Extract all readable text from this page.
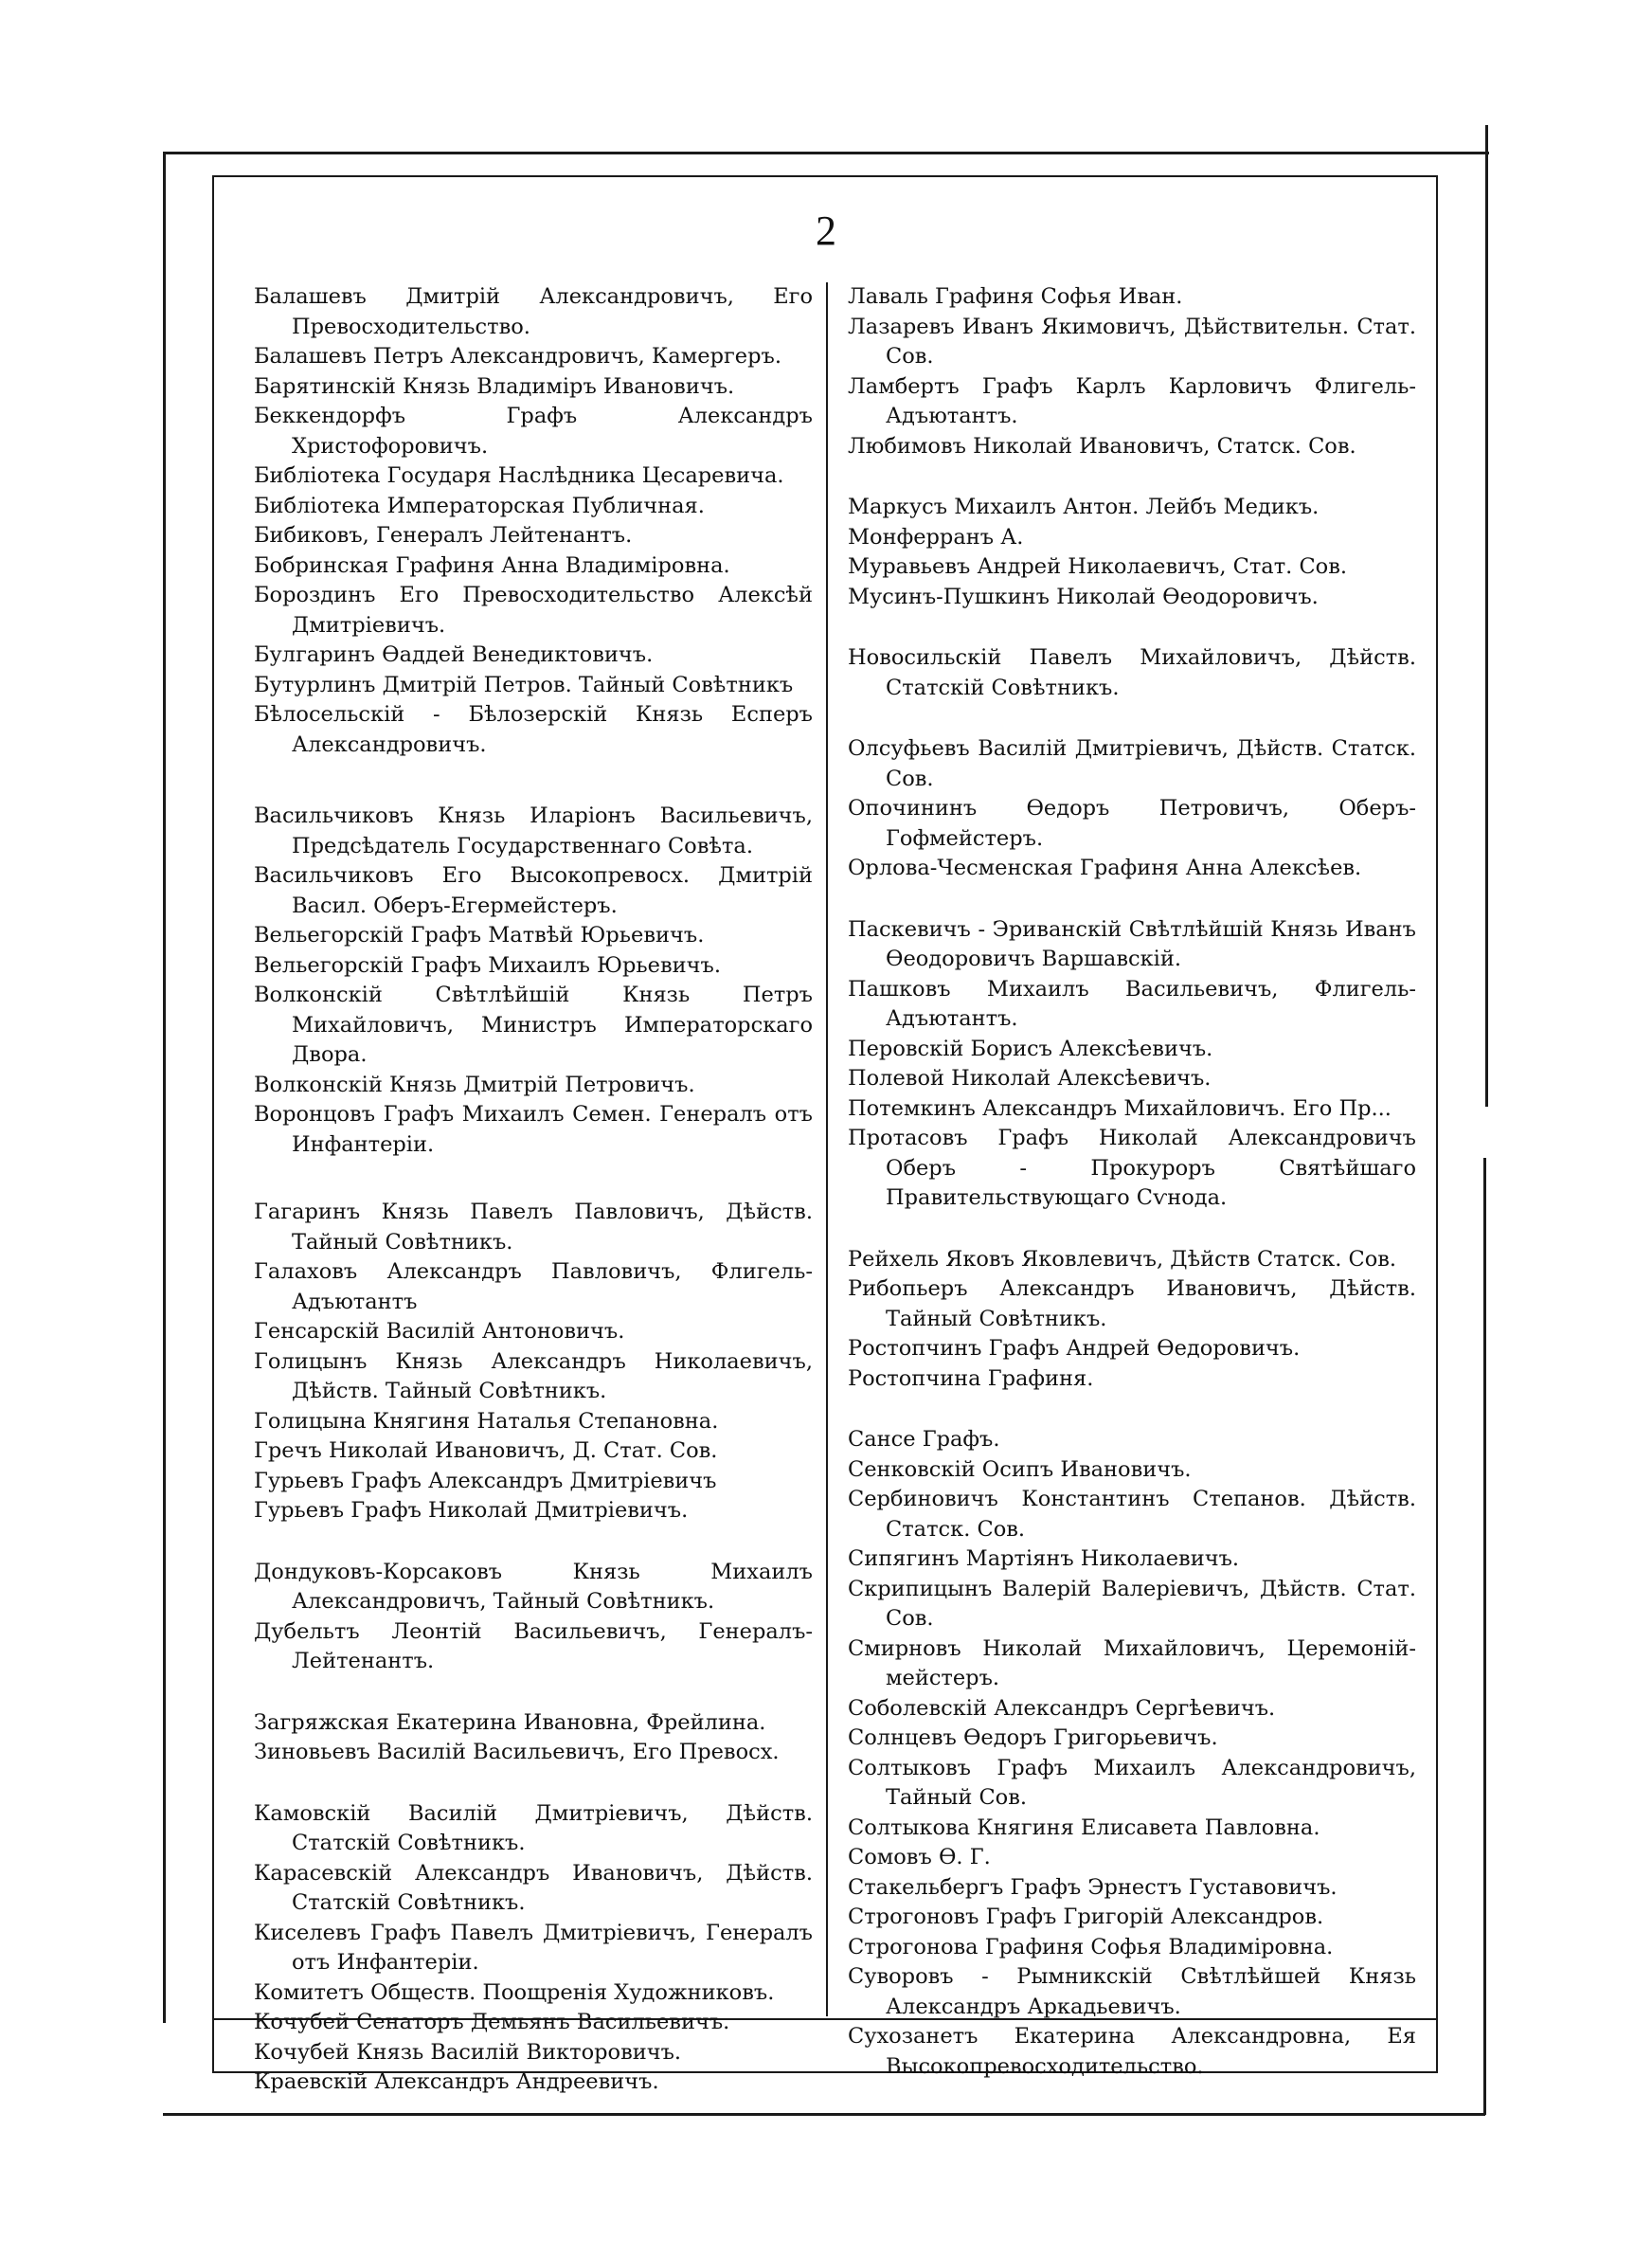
2
Балашевъ Дмитрій Александровичъ, Его Превосходительство.
Балашевъ Петръ Александровичъ, Камергеръ.
Барятинскій Князь Владиміръ Ивановичъ.
Беккендорфъ Графъ Александръ Христофоровичъ.
Библіотека Государя Наслѣдника Цесаревича.
Библіотека Императорская Публичная.
Бибиковъ, Генералъ Лейтенантъ.
Бобринская Графиня Анна Владиміровна.
Бороздинъ Его Превосходительство Алексѣй Дмитріевичъ.
Булгаринъ Ѳаддей Венедиктовичъ.
Бутурлинъ Дмитрій Петров. Тайный Совѣтникъ
Бѣлосельскій - Бѣлозерскій Князь Есперъ Александровичъ.
Васильчиковъ Князь Иларіонъ Васильевичъ, Предсѣдатель Государственнаго Совѣта.
Васильчиковъ Его Высокопревосх. Дмитрій Васил. Оберъ-Егермейстеръ.
Вельегорскій Графъ Матвѣй Юрьевичъ.
Вельегорскій Графъ Михаилъ Юрьевичъ.
Волконскій Свѣтлѣйшій Князь Петръ Михайловичъ, Министръ Императорскаго Двора.
Волконскій Князь Дмитрій Петровичъ.
Воронцовъ Графъ Михаилъ Семен. Генералъ отъ Инфантеріи.
Гагаринъ Князь Павелъ Павловичъ, Дѣйств. Тайный Совѣтникъ.
Галаховъ Александръ Павловичъ, Флигель-Адъютантъ
Генсарскій Василій Антоновичъ.
Голицынъ Князь Александръ Николаевичъ, Дѣйств. Тайный Совѣтникъ.
Голицына Княгиня Наталья Степановна.
Гречъ Николай Ивановичъ, Д. Стат. Сов.
Гурьевъ Графъ Александръ Дмитріевичъ
Гурьевъ Графъ Николай Дмитріевичъ.
Дондуковъ-Корсаковъ Князь Михаилъ Александровичъ, Тайный Совѣтникъ.
Дубельтъ Леонтій Васильевичъ, Генералъ-Лейтенантъ.
Загряжская Екатерина Ивановна, Фрейлина.
Зиновьевъ Василій Васильевичъ, Его Превосх.
Камовскій Василій Дмитріевичъ, Дѣйств. Статскій Совѣтникъ.
Карасевскій Александръ Ивановичъ, Дѣйств. Статскій Совѣтникъ.
Киселевъ Графъ Павелъ Дмитріевичъ, Генералъ отъ Инфантеріи.
Комитетъ Обществ. Поощренія Художниковъ.
Кочубей Сенаторъ Демьянъ Васильевичъ.
Кочубей Князь Василій Викторовичъ.
Краевскій Александръ Андреевичъ.
Лаваль Графиня Софья Иван.
Лазаревъ Иванъ Якимовичъ, Дѣйствительн. Стат. Сов.
Ламбертъ Графъ Карлъ Карловичъ Флигель-Адъютантъ.
Любимовъ Николай Ивановичъ, Статск. Сов.
Маркусъ Михаилъ Антон. Лейбъ Медикъ.
Монферранъ А.
Муравьевъ Андрей Николаевичъ, Стат. Сов.
Мусинъ-Пушкинъ Николай Ѳеодоровичъ.
Новосильскій Павелъ Михайловичъ, Дѣйств. Статскій Совѣтникъ.
Олсуфьевъ Василій Дмитріевичъ, Дѣйств. Статск. Сов.
Опочининъ Ѳедоръ Петровичъ, Оберъ-Гофмейстеръ.
Орлова-Чесменская Графиня Анна Алексѣев.
Паскевичъ - Эриванскій Свѣтлѣйшій Князь Иванъ Ѳеодоровичъ Варшавскій.
Пашковъ Михаилъ Васильевичъ, Флигель-Адъютантъ.
Перовскій Борисъ Алексѣевичъ.
Полевой Николай Алексѣевичъ.
Потемкинъ Александръ Михайловичъ. Его Пр...
Протасовъ Графъ Николай Александровичъ Оберъ - Прокуроръ Святѣйшаго Правительствующаго Сѵнода.
Рейхель Яковъ Яковлевичъ, Дѣйств Статск. Сов.
Рибопьеръ Александръ Ивановичъ, Дѣйств. Тайный Совѣтникъ.
Ростопчинъ Графъ Андрей Ѳедоровичъ.
Ростопчина Графиня.
Сансе Графъ.
Сенковскій Осипъ Ивановичъ.
Сербиновичъ Константинъ Степанов. Дѣйств. Статск. Сов.
Сипягинъ Мартіянъ Николаевичъ.
Скрипицынъ Валерій Валеріевичъ, Дѣйств. Стат. Сов.
Смирновъ Николай Михайловичъ, Церемоній-мейстеръ.
Соболевскій Александръ Сергѣевичъ.
Солнцевъ Ѳедоръ Григорьевичъ.
Солтыковъ Графъ Михаилъ Александровичъ, Тайный Сов.
Солтыкова Княгиня Елисавета Павловна.
Сомовъ Ѳ. Г.
Стакельбергъ Графъ Эрнестъ Густавовичъ.
Строгоновъ Графъ Григорій Александров.
Строгонова Графиня Софья Владиміровна.
Суворовъ - Рымникскій Свѣтлѣйшей Князь Александръ Аркадьевичъ.
Сухозанетъ Екатерина Александровна, Ея Высокопревосходительство.
